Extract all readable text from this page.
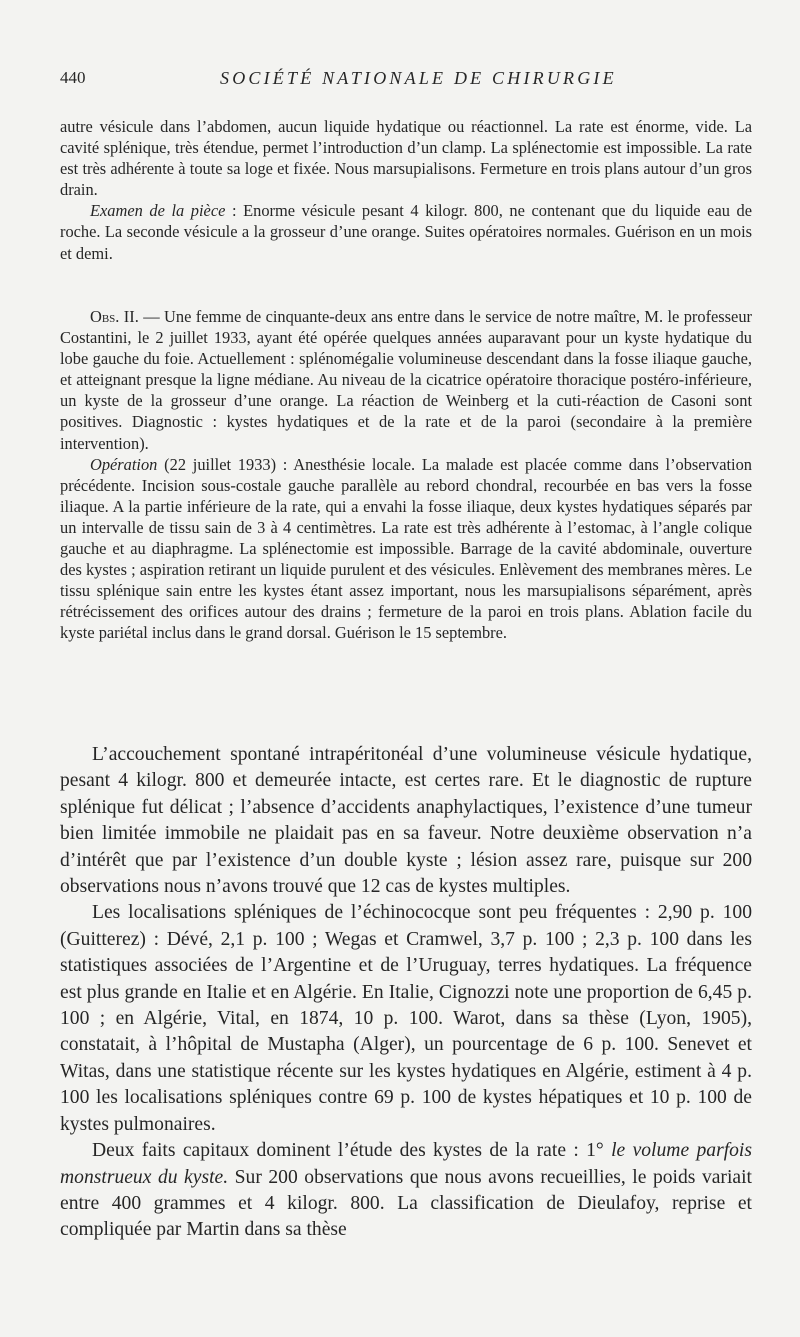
440	SOCIÉTÉ NATIONALE DE CHIRURGIE

autre vésicule dans l’abdomen, aucun liquide hydatique ou réactionnel. La rate est énorme, vide. La cavité splénique, très étendue, permet l’introduction d’un clamp. La splénectomie est impossible. La rate est très adhérente à toute sa loge et fixée. Nous marsupialisons. Fermeture en trois plans autour d’un gros drain.

Examen de la pièce : Enorme vésicule pesant 4 kilogr. 800, ne contenant que du liquide eau de roche. La seconde vésicule a la grosseur d’une orange. Suites opératoires normales. Guérison en un mois et demi.

Obs. II. — Une femme de cinquante-deux ans entre dans le service de notre maître, M. le professeur Costantini, le 2 juillet 1933, ayant été opérée quelques années auparavant pour un kyste hydatique du lobe gauche du foie. Actuellement : splénomégalie volumineuse descendant dans la fosse iliaque gauche, et atteignant presque la ligne médiane. Au niveau de la cicatrice opératoire thoracique postéro-inférieure, un kyste de la grosseur d’une orange. La réaction de Weinberg et la cuti-réaction de Casoni sont positives. Diagnostic : kystes hydatiques et de la rate et de la paroi (secondaire à la première intervention).

Opération (22 juillet 1933) : Anesthésie locale. La malade est placée comme dans l’observation précédente. Incision sous-costale gauche parallèle au rebord chondral, recourbée en bas vers la fosse iliaque. A la partie inférieure de la rate, qui a envahi la fosse iliaque, deux kystes hydatiques séparés par un intervalle de tissu sain de 3 à 4 centimètres. La rate est très adhérente à l’estomac, à l’angle colique gauche et au diaphragme. La splénectomie est impossible. Barrage de la cavité abdominale, ouverture des kystes ; aspiration retirant un liquide purulent et des vésicules. Enlèvement des membranes mères. Le tissu splénique sain entre les kystes étant assez important, nous les marsupialisons séparément, après rétrécissement des orifices autour des drains ; fermeture de la paroi en trois plans. Ablation facile du kyste pariétal inclus dans le grand dorsal. Guérison le 15 septembre.

L’accouchement spontané intrapéritonéal d’une volumineuse vésicule hydatique, pesant 4 kilogr. 800 et demeurée intacte, est certes rare. Et le diagnostic de rupture splénique fut délicat ; l’absence d’accidents anaphylactiques, l’existence d’une tumeur bien limitée immobile ne plaidait pas en sa faveur. Notre deuxième observation n’a d’intérêt que par l’existence d’un double kyste ; lésion assez rare, puisque sur 200 observations nous n’avons trouvé que 12 cas de kystes multiples.

Les localisations spléniques de l’échinococque sont peu fréquentes : 2,90 p. 100 (Guitterez) : Dévé, 2,1 p. 100 ; Wegas et Cramwel, 3,7 p. 100 ; 2,3 p. 100 dans les statistiques associées de l’Argentine et de l’Uruguay, terres hydatiques. La fréquence est plus grande en Italie et en Algérie. En Italie, Cignozzi note une proportion de 6,45 p. 100 ; en Algérie, Vital, en 1874, 10 p. 100. Warot, dans sa thèse (Lyon, 1905), constatait, à l’hôpital de Mustapha (Alger), un pourcentage de 6 p. 100. Senevet et Witas, dans une statistique récente sur les kystes hydatiques en Algérie, estiment à 4 p. 100 les localisations spléniques contre 69 p. 100 de kystes hépatiques et 10 p. 100 de kystes pulmonaires.

Deux faits capitaux dominent l’étude des kystes de la rate : 1° le volume parfois monstrueux du kyste. Sur 200 observations que nous avons recueillies, le poids variait entre 400 grammes et 4 kilogr. 800. La classification de Dieulafoy, reprise et compliquée par Martin dans sa thèse
